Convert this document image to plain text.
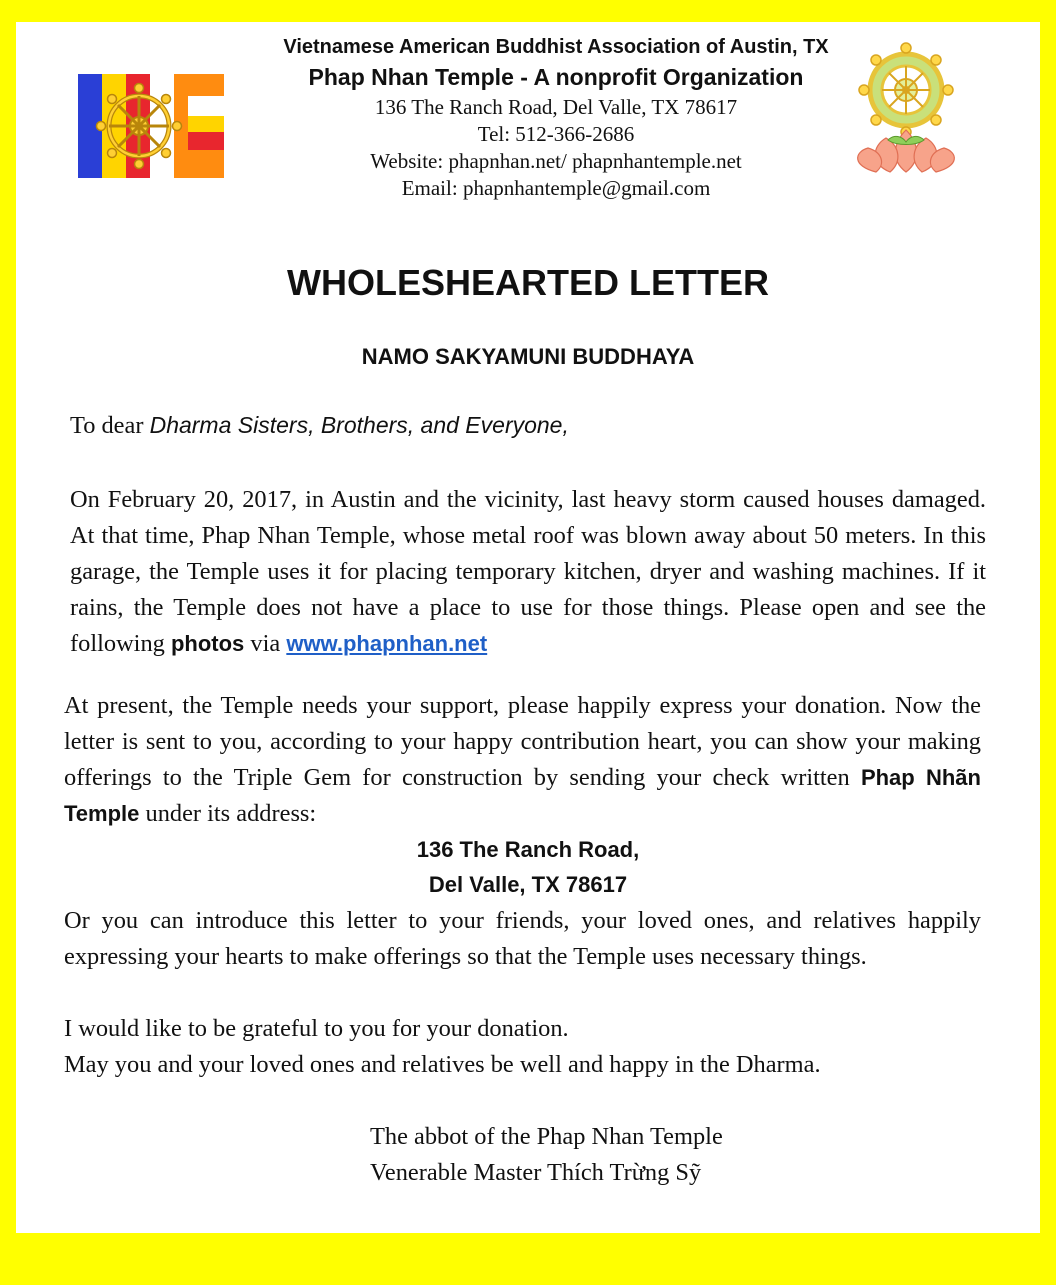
Vietnamese American Buddhist Association of Austin, TX
Phap Nhan Temple - A nonprofit Organization
136 The Ranch Road, Del Valle, TX 78617
Tel: 512-366-2686
Website: phapnhan.net/ phapnhantemple.net
Email: phapnhantemple@gmail.com
WHOLESHEARTED LETTER
NAMO SAKYAMUNI BUDDHAYA
To dear Dharma Sisters, Brothers, and Everyone,
On February 20, 2017, in Austin and the vicinity, last heavy storm caused houses damaged. At that time, Phap Nhan Temple, whose metal roof was blown away about 50 meters. In this garage, the Temple uses it for placing temporary kitchen, dryer and washing machines. If it rains, the Temple does not have a place to use for those things. Please open and see the following photos via www.phapnhan.net
At present, the Temple needs your support, please happily express your donation. Now the letter is sent to you, according to your happy contribution heart, you can show your making offerings to the Triple Gem for construction by sending your check written Phap Nhãn Temple under its address:
136 The Ranch Road,
Del Valle, TX 78617
Or you can introduce this letter to your friends, your loved ones, and relatives happily expressing your hearts to make offerings so that the Temple uses necessary things.
I would like to be grateful to you for your donation.
May you and your loved ones and relatives be well and happy in the Dharma.
The abbot of the Phap Nhan Temple
Venerable Master Thích Trừng Sỹ
